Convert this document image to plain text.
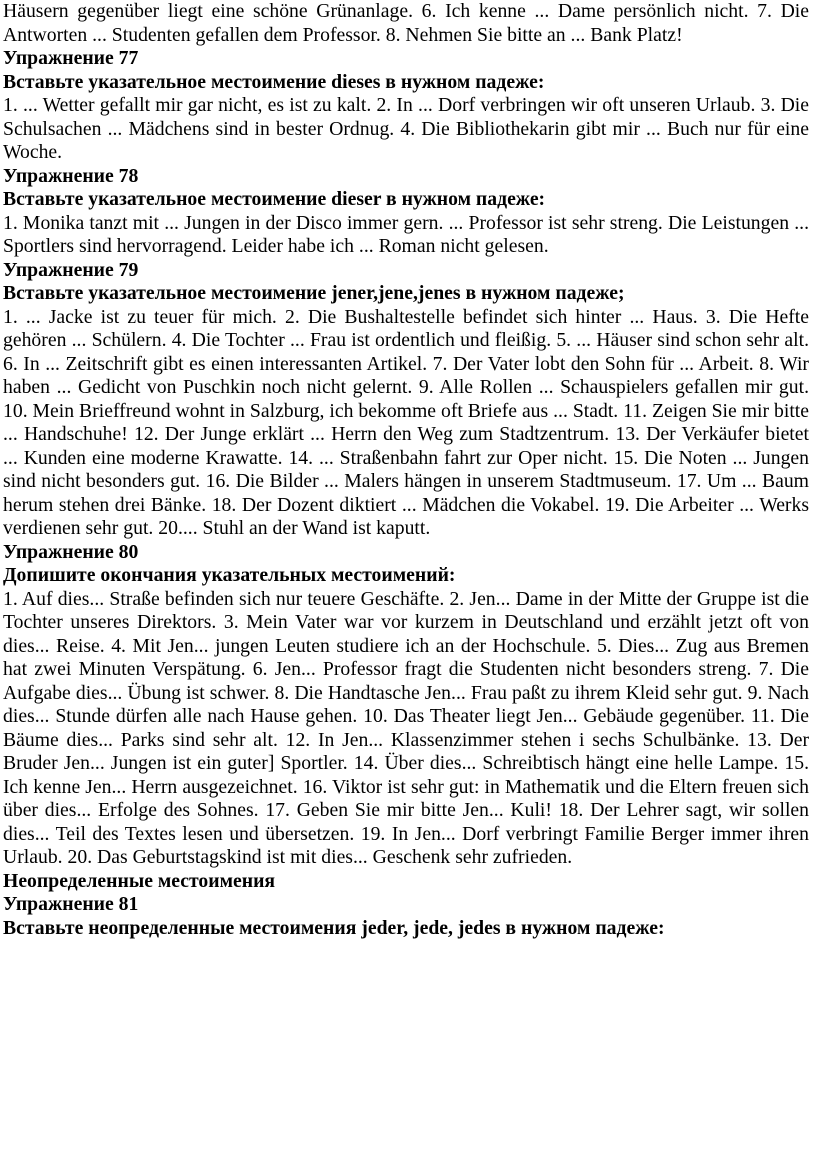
Häusern gegenüber liegt eine schöne Grünanlage. 6. Ich kenne ... Dame persönlich nicht. 7. Die Antworten ... Studenten gefallen dem Professor. 8. Nehmen Sie bitte an ... Bank Platz!

Упражнение 77

Вставьте указательное местоимение dieses в нужном падеже:

1. ... Wetter gefallt mir gar nicht, es ist zu kalt. 2. In ... Dorf verbringen wir oft unseren Urlaub. 3. Die Schulsachen ... Mädchens sind in bester Ordnug. 4. Die Bibliothekarin gibt mir ... Buch nur für eine Woche.

Упражнение 78

Вставьте указательное местоимение dieser в нужном падеже:

1. Monika tanzt mit ... Jungen in der Disco immer gern. ... Professor ist sehr streng. Die Leistungen ... Sportlers sind hervorragend. Leider habe ich ... Roman nicht gelesen.

Упражнение 79

Вставьте указательное местоимение jener,jene,jenes в нужном падеже;

1. ... Jacke ist zu teuer für mich. 2. Die Bushaltestelle befindet sich hinter ... Haus. 3. Die Hefte gehören ... Schülern. 4. Die Tochter ... Frau ist ordentlich und fleißig. 5. ... Häuser sind schon sehr alt. 6. In ... Zeitschrift gibt es einen interessanten Artikel. 7. Der Vater lobt den Sohn für ... Arbeit. 8. Wir haben ... Gedicht von Puschkin noch nicht gelernt. 9. Alle Rollen ... Schauspielers gefallen mir gut. 10. Mein Brieffreund wohnt in Salzburg, ich bekomme oft Briefe aus ... Stadt. 11. Zeigen Sie mir bitte ... Handschuhe! 12. Der Junge erklärt ... Herrn den Weg zum Stadtzentrum. 13. Der Verkäufer bietet ... Kunden eine moderne Krawatte. 14. ... Straßenbahn fahrt zur Oper nicht. 15. Die Noten ... Jungen sind nicht besonders gut. 16. Die Bilder ... Malers hängen in unserem Stadtmuseum. 17. Um ... Baum herum stehen drei Bänke. 18. Der Dozent diktiert ... Mädchen die Vokabel. 19. Die Arbeiter ... Werks verdienen sehr gut. 20.... Stuhl an der Wand ist kaputt.

Упражнение 80

Допишите окончания указательных местоимений:

1. Auf dies... Straße befinden sich nur teuere Geschäfte. 2. Jen... Dame in der Mitte der Gruppe ist die Tochter unseres Direktors. 3. Mein Vater war vor kurzem in Deutschland und erzählt jetzt oft von dies... Reise. 4. Mit Jen... jungen Leuten studiere ich an der Hochschule. 5. Dies... Zug aus Bremen hat zwei Minuten Verspätung. 6. Jen... Professor fragt die Studenten nicht besonders streng. 7. Die Aufgabe dies... Übung ist schwer. 8. Die Handtasche Jen... Frau paßt zu ihrem Kleid sehr gut. 9. Nach dies... Stunde dürfen alle nach Hause gehen. 10. Das Theater liegt Jen... Gebäude gegenüber. 11. Die Bäume dies... Parks sind sehr alt. 12. In Jen... Klassenzimmer stehen i sechs Schulbänke. 13. Der Bruder Jen... Jungen ist ein guter] Sportler. 14. Über dies... Schreibtisch hängt eine helle Lampe. 15. Ich kenne Jen... Herrn ausgezeichnet. 16. Viktor ist sehr gut: in Mathematik und die Eltern freuen sich über dies... Erfolge des Sohnes. 17. Geben Sie mir bitte Jen... Kuli! 18. Der Lehrer sagt, wir sollen dies... Teil des Textes lesen und übersetzen. 19. In Jen... Dorf verbringt Familie Berger immer ihren Urlaub. 20. Das Geburtstagskind ist mit dies... Geschenk sehr zufrieden.

Неопределенные местоимения

Упражнение 81

Вставьте неопределенные местоимения jeder, jede, jedes в нужном падеже:
